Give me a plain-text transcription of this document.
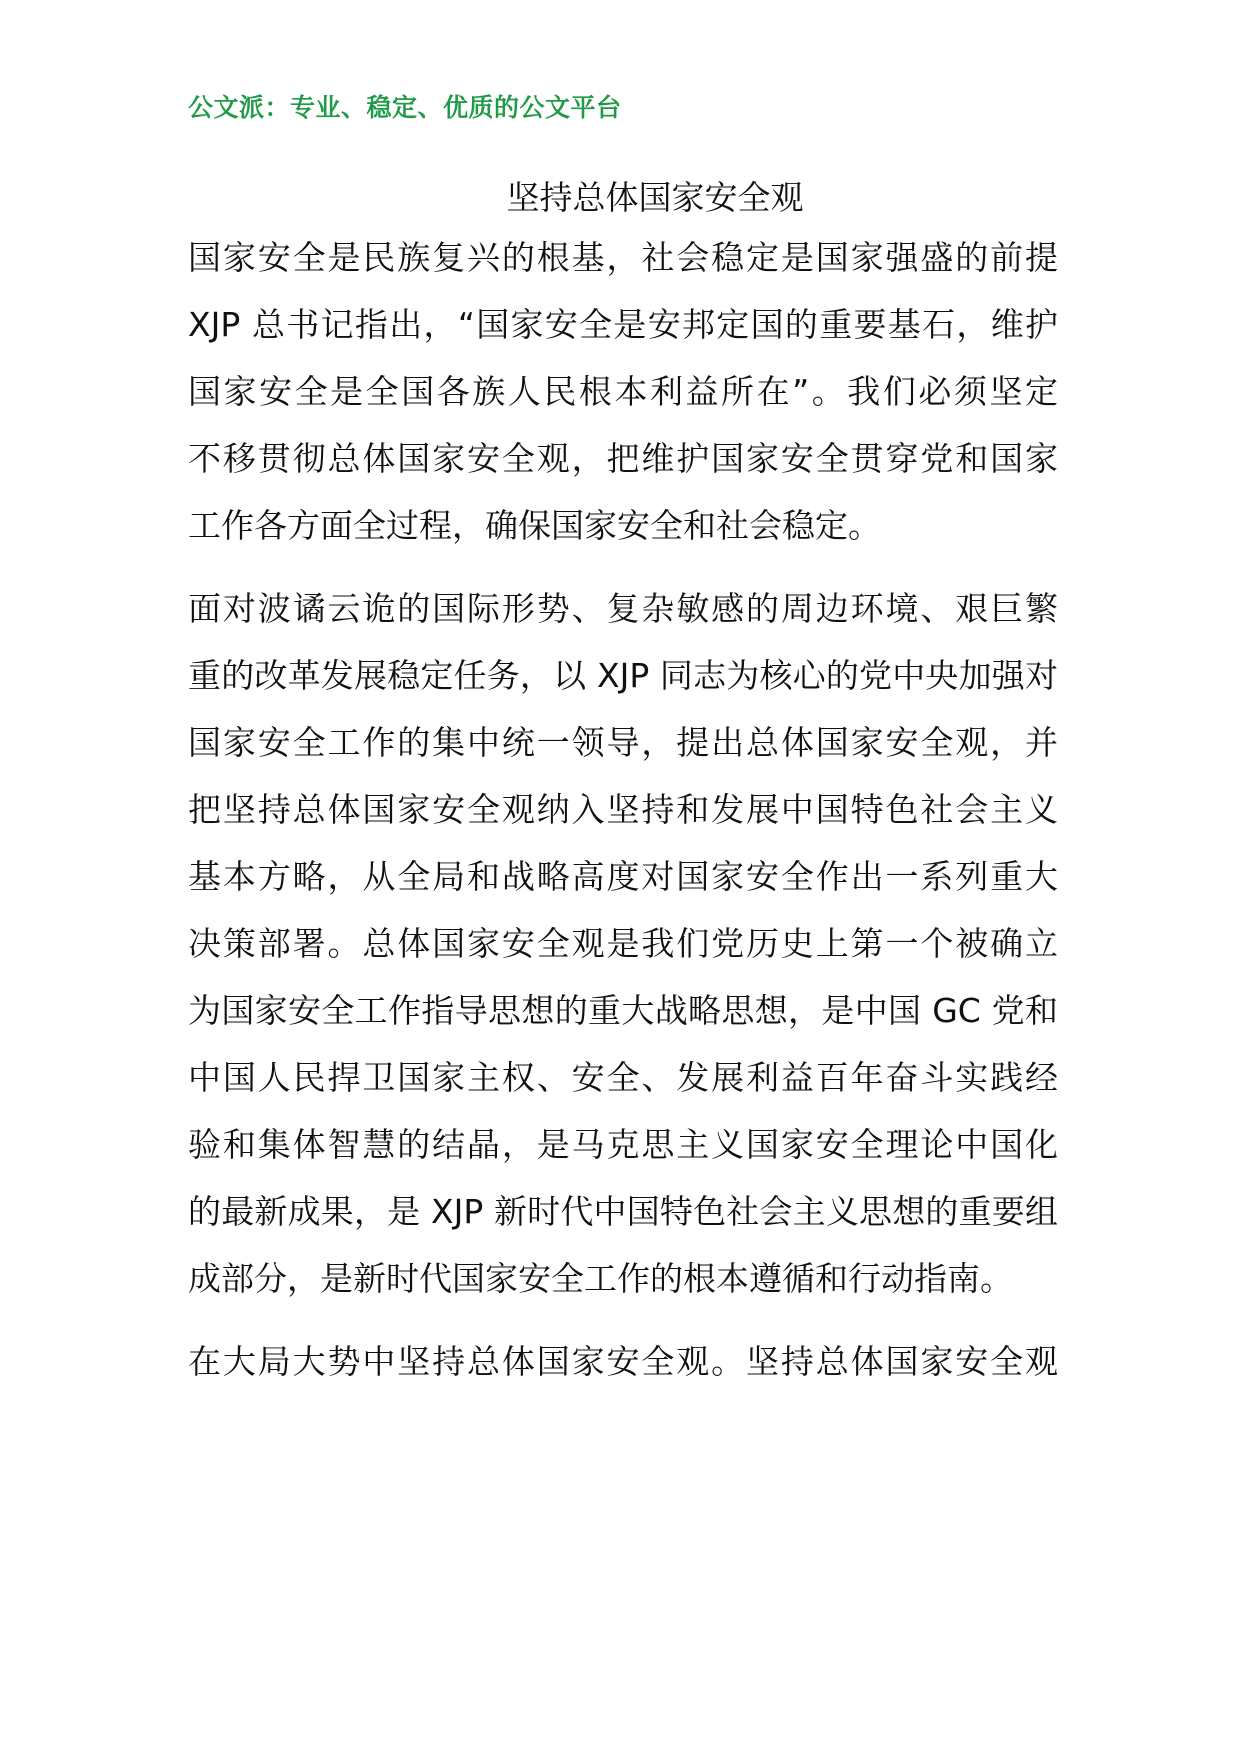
公文派：专业、稳定、优质的公文平台
坚持总体国家安全观
国家安全是民族复兴的根基，社会稳定是国家强盛的前提
XJP 总书记指出，“国家安全是安邦定国的重要基石，维护
国家安全是全国各族人民根本利益所在”。我们必须坚定
不移贯彻总体国家安全观，把维护国家安全贯穿党和国家
工作各方面全过程，确保国家安全和社会稳定。
面对波谲云诡的国际形势、复杂敏感的周边环境、艰巨繁
重的改革发展稳定任务，以 XJP 同志为核心的党中央加强对
国家安全工作的集中统一领导，提出总体国家安全观，并
把坚持总体国家安全观纳入坚持和发展中国特色社会主义
基本方略，从全局和战略高度对国家安全作出一系列重大
决策部署。总体国家安全观是我们党历史上第一个被确立
为国家安全工作指导思想的重大战略思想，是中国 GC 党和
中国人民捍卫国家主权、安全、发展利益百年奋斗实践经
验和集体智慧的结晶，是马克思主义国家安全理论中国化
的最新成果，是 XJP 新时代中国特色社会主义思想的重要组
成部分，是新时代国家安全工作的根本遵循和行动指南。
在大局大势中坚持总体国家安全观。坚持总体国家安全观
